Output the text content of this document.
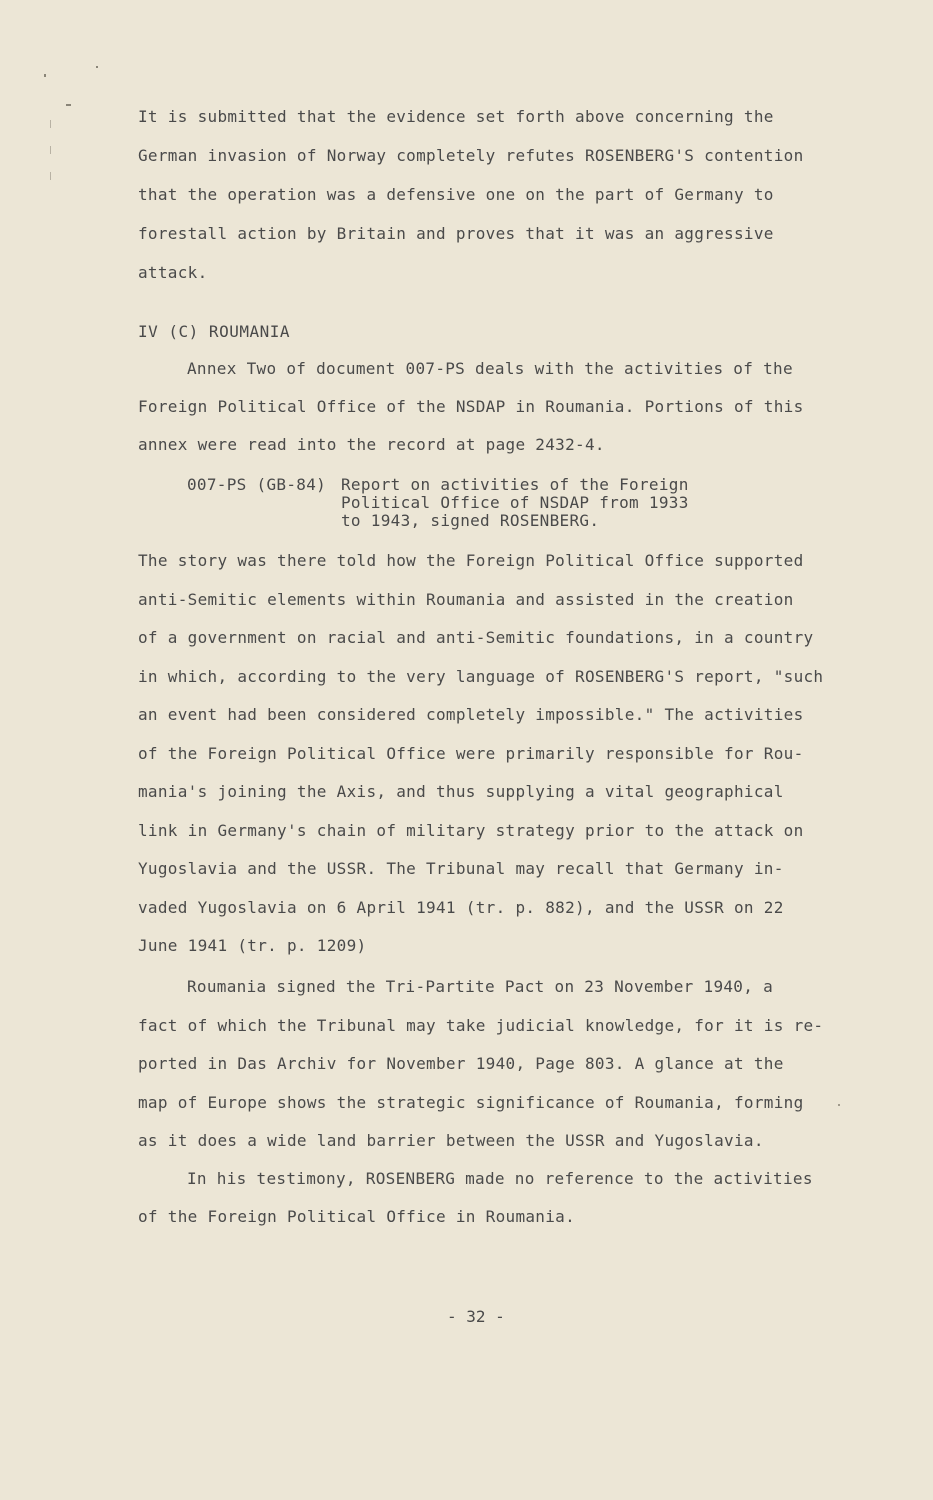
It is submitted that the evidence set forth above concerning the
German invasion of Norway completely refutes ROSENBERG'S contention
that the operation was a defensive one on the part of Germany to
forestall action by Britain and proves that it was an aggressive
attack.
IV (C) ROUMANIA
Annex Two of document 007-PS deals with the activities of the
Foreign Political Office of the NSDAP in Roumania. Portions of this
annex were read into the record at page 2432-4.
007-PS (GB-84) Report on activities of the Foreign
Political Office of NSDAP from 1933
to 1943, signed ROSENBERG.
The story was there told how the Foreign Political Office supported
anti-Semitic elements within Roumania and assisted in the creation
of a government on racial and anti-Semitic foundations, in a country
in which, according to the very language of ROSENBERG'S report, "such
an event had been considered completely impossible." The activities
of the Foreign Political Office were primarily responsible for Rou-
mania's joining the Axis, and thus supplying a vital geographical
link in Germany's chain of military strategy prior to the attack on
Yugoslavia and the USSR. The Tribunal may recall that Germany in-
vaded Yugoslavia on 6 April 1941 (tr. p. 882), and the USSR on 22
June 1941 (tr. p. 1209)
Roumania signed the Tri-Partite Pact on 23 November 1940, a
fact of which the Tribunal may take judicial knowledge, for it is re-
ported in Das Archiv for November 1940, Page 803. A glance at the
map of Europe shows the strategic significance of Roumania, forming
as it does a wide land barrier between the USSR and Yugoslavia.
In his testimony, ROSENBERG made no reference to the activities
of the Foreign Political Office in Roumania.
- 32 -
